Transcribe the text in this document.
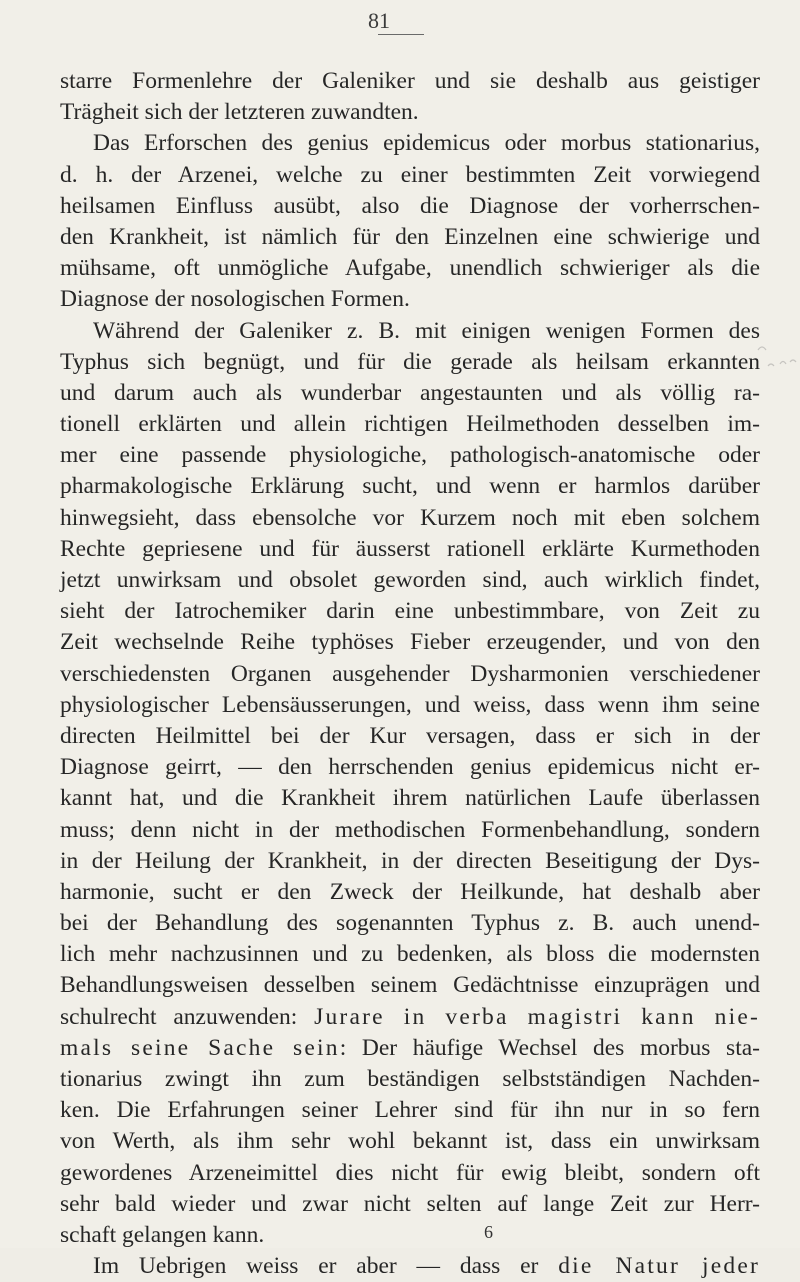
81
starre Formenlehre der Galeniker und sie deshalb aus geistiger
Trägheit sich der letzteren zuwandten.
Das Erforschen des genius epidemicus oder morbus stationarius,
d. h. der Arzenei, welche zu einer bestimmten Zeit vorwiegend
heilsamen Einfluss ausübt, also die Diagnose der vorherrschen-
den Krankheit, ist nämlich für den Einzelnen eine schwierige und
mühsame, oft unmögliche Aufgabe, unendlich schwieriger als die
Diagnose der nosologischen Formen.
Während der Galeniker z. B. mit einigen wenigen Formen des
Typhus sich begnügt, und für die gerade als heilsam erkannten
und darum auch als wunderbar angestaunten und als völlig ra-
tionell erklärten und allein richtigen Heilmethoden desselben im-
mer eine passende physiologiche, pathologisch-anatomische oder
pharmakologische Erklärung sucht, und wenn er harmlos darüber
hinwegsieht, dass ebensolche vor Kurzem noch mit eben solchem
Rechte gepriesene und für äusserst rationell erklärte Kurmethoden
jetzt unwirksam und obsolet geworden sind, auch wirklich findet,
sieht der Iatrochemiker darin eine unbestimmbare, von Zeit zu
Zeit wechselnde Reihe typhöses Fieber erzeugender, und von den
verschiedensten Organen ausgehender Dysharmonien verschiedener
physiologischer Lebensäusserungen, und weiss, dass wenn ihm seine
directen Heilmittel bei der Kur versagen, dass er sich in der
Diagnose geirrt, — den herrschenden genius epidemicus nicht er-
kannt hat, und die Krankheit ihrem natürlichen Laufe überlassen
muss; denn nicht in der methodischen Formenbehandlung, sondern
in der Heilung der Krankheit, in der directen Beseitigung der Dys-
harmonie, sucht er den Zweck der Heilkunde, hat deshalb aber
bei der Behandlung des sogenannten Typhus z. B. auch unend-
lich mehr nachzusinnen und zu bedenken, als bloss die modernsten
Behandlungsweisen desselben seinem Gedächtnisse einzuprägen und
schulrecht anzuwenden: Jurare in verba magistri kann nie-
mals seine Sache sein: Der häufige Wechsel des morbus sta-
tionarius zwingt ihn zum beständigen selbstständigen Nachden-
ken. Die Erfahrungen seiner Lehrer sind für ihn nur in so fern
von Werth, als ihm sehr wohl bekannt ist, dass ein unwirksam
gewordenes Arzeneimittel dies nicht für ewig bleibt, sondern oft
sehr bald wieder und zwar nicht selten auf lange Zeit zur Herr-
schaft gelangen kann.
Im Uebrigen weiss er aber — dass er die Natur jeder
6
